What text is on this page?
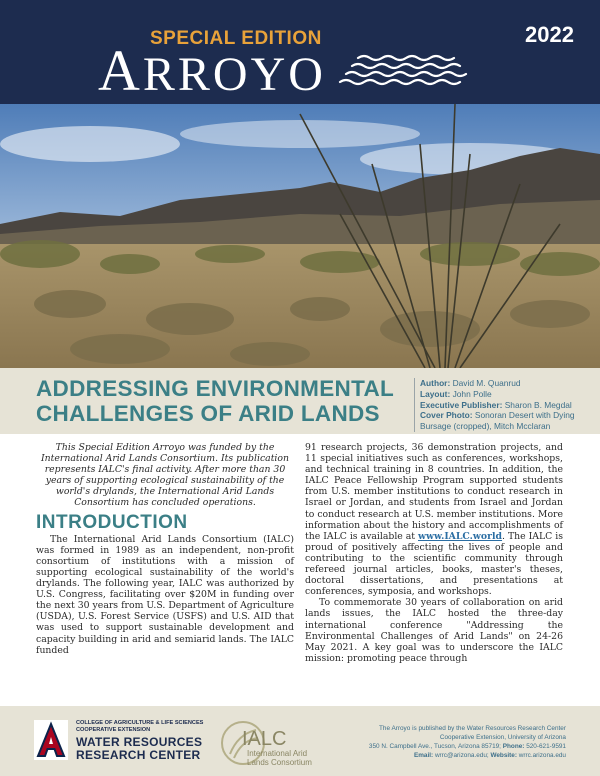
SPECIAL EDITION
ARROYO
2022
ADDRESSING ENVIRONMENTAL
CHALLENGES OF ARID LANDS
Author: David M. Quanrud
Layout: John Polle
Executive Publisher: Sharon B. Megdal
Cover Photo: Sonoran Desert with Dying Bursage (cropped), Mitch Mcclaran

This Special Edition Arroyo was funded by the International Arid Lands Consortium. Its publication represents IALC's final activity. After more than 30 years of supporting ecological sustainability of the world's drylands, the International Arid Lands Consortium has concluded operations.

INTRODUCTION

The International Arid Lands Consortium (IALC) was formed in 1989 as an independent, non-profit consortium of institutions with a mission of supporting ecological sustainability of the world's drylands. The following year, IALC was authorized by U.S. Congress, facilitating over $20M in funding over the next 30 years from U.S. Department of Agriculture (USDA), U.S. Forest Service (USFS) and U.S. AID that was used to support sustainable development and capacity building in arid and semiarid lands. The IALC funded

91 research projects, 36 demonstration projects, and 11 special initiatives such as conferences, workshops, and technical training in 8 countries. In addition, the IALC Peace Fellowship Program supported students from U.S. member institutions to conduct research in Israel or Jordan, and students from Israel and Jordan to conduct research at U.S. member institutions. More information about the history and accomplishments of the IALC is available at www.IALC.world. The IALC is proud of positively affecting the lives of people and contributing to the scientific community through refereed journal articles, books, master's theses, doctoral dissertations, and presentations at conferences, symposia, and workshops.

To commemorate 30 years of collaboration on arid lands issues, the IALC hosted the three-day international conference "Addressing the Environmental Challenges of Arid Lands" on 24-26 May 2021. A key goal was to underscore the IALC mission: promoting peace through

COLLEGE OF AGRICULTURE & LIFE SCIENCES
COOPERATIVE EXTENSION
WATER RESOURCES
RESEARCH CENTER
IALC
International Arid
Lands Consortium
The Arroyo is published by the Water Resources Research Center
Cooperative Extension, University of Arizona
350 N. Campbell Ave., Tucson, Arizona 85719; Phone: 520-621-9591
Email: wrrc@arizona.edu; Website: wrrc.arizona.edu
